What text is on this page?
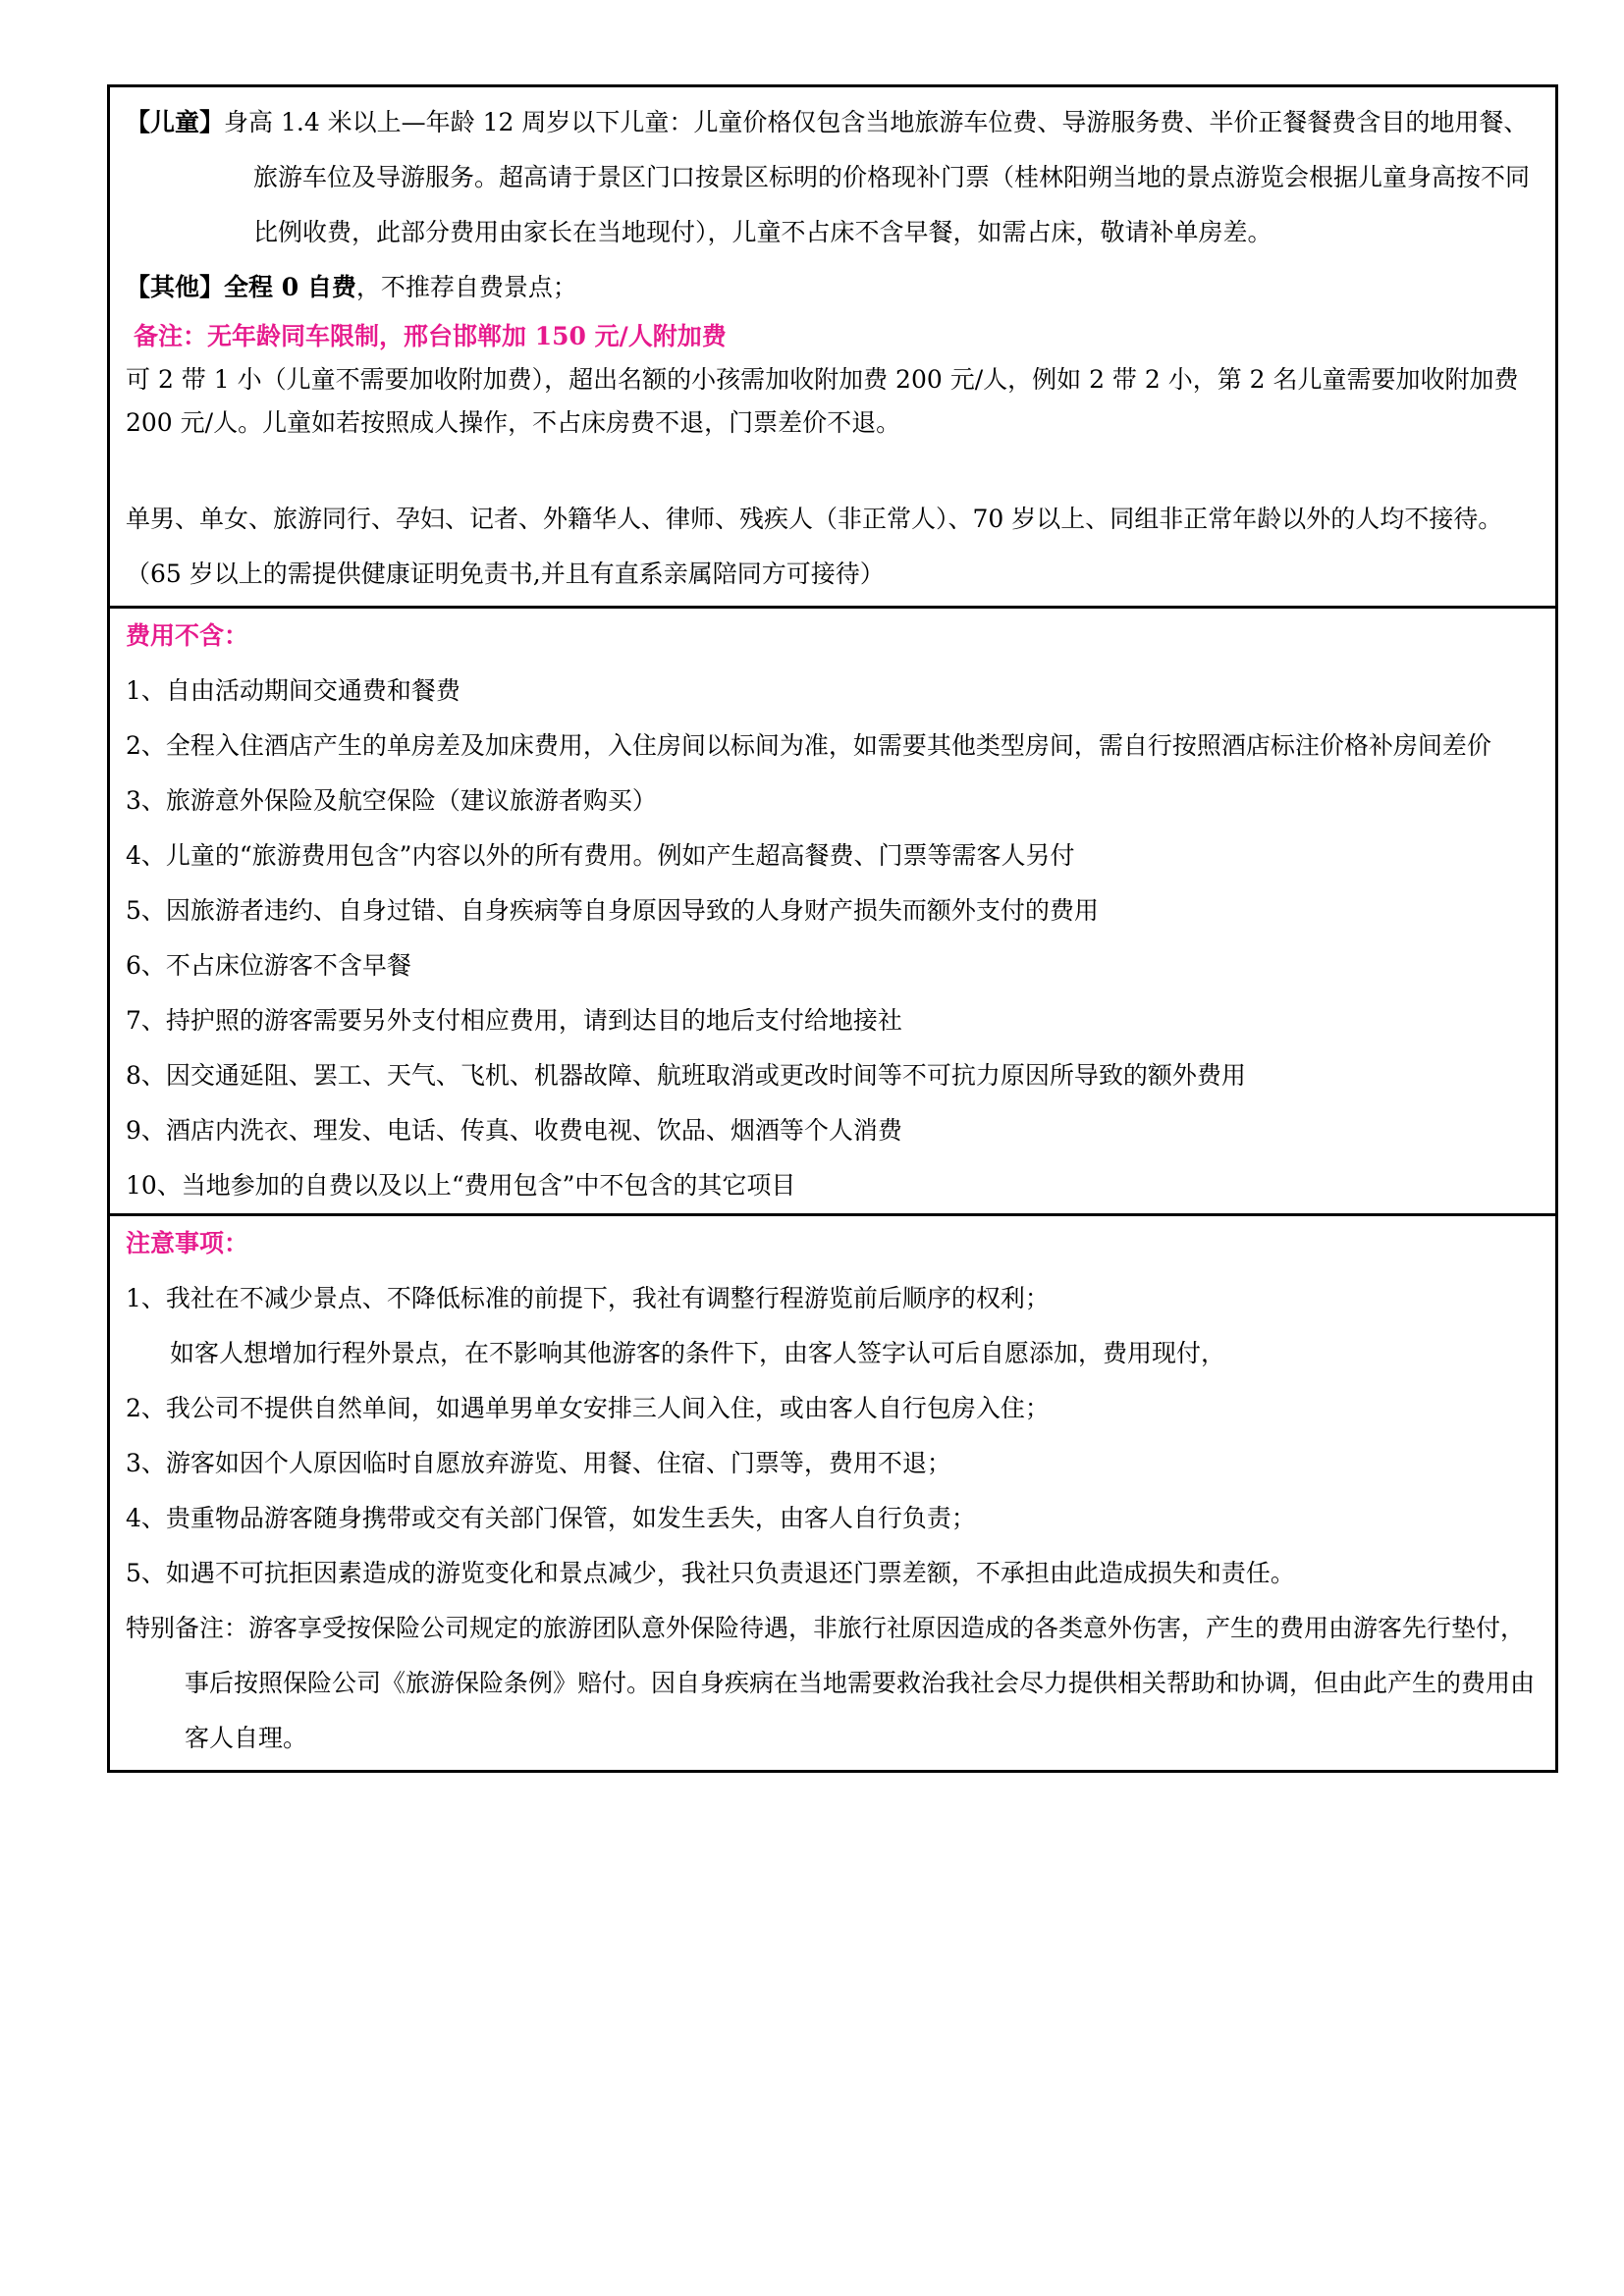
【儿童】身高 1.4 米以上—年龄 12 周岁以下儿童：儿童价格仅包含当地旅游车位费、导游服务费、半价正餐餐费含目的地用餐、旅游车位及导游服务。超高请于景区门口按景区标明的价格现补门票（桂林阳朔当地的景点游览会根据儿童身高按不同比例收费，此部分费用由家长在当地现付），儿童不占床不含早餐，如需占床，敬请补单房差。

【其他】全程 0 自费，不推荐自费景点；

备注：无年龄同车限制，邢台邯郸加 150 元/人附加费

可 2 带 1 小（儿童不需要加收附加费），超出名额的小孩需加收附加费 200 元/人，例如 2 带 2 小，第 2 名儿童需要加收附加费 200 元/人。儿童如若按照成人操作，不占床房费不退，门票差价不退。

单男、单女、旅游同行、孕妇、记者、外籍华人、律师、残疾人（非正常人）、70 岁以上、同组非正常年龄以外的人均不接待。（65 岁以上的需提供健康证明免责书,并且有直系亲属陪同方可接待）

费用不含：

1、自由活动期间交通费和餐费

2、全程入住酒店产生的单房差及加床费用，入住房间以标间为准，如需要其他类型房间，需自行按照酒店标注价格补房间差价

3、旅游意外保险及航空保险（建议旅游者购买）

4、儿童的“旅游费用包含”内容以外的所有费用。例如产生超高餐费、门票等需客人另付

5、因旅游者违约、自身过错、自身疾病等自身原因导致的人身财产损失而额外支付的费用

6、不占床位游客不含早餐

7、持护照的游客需要另外支付相应费用，请到达目的地后支付给地接社

8、因交通延阻、罢工、天气、飞机、机器故障、航班取消或更改时间等不可抗力原因所导致的额外费用

9、酒店内洗衣、理发、电话、传真、收费电视、饮品、烟酒等个人消费

10、当地参加的自费以及以上“费用包含”中不包含的其它项目

注意事项：

1、我社在不减少景点、不降低标准的前提下，我社有调整行程游览前后顺序的权利；

如客人想增加行程外景点，在不影响其他游客的条件下，由客人签字认可后自愿添加，费用现付，

2、我公司不提供自然单间，如遇单男单女安排三人间入住，或由客人自行包房入住；

3、游客如因个人原因临时自愿放弃游览、用餐、住宿、门票等，费用不退；

4、贵重物品游客随身携带或交有关部门保管，如发生丢失，由客人自行负责；

5、如遇不可抗拒因素造成的游览变化和景点减少，我社只负责退还门票差额，不承担由此造成损失和责任。

特别备注：游客享受按保险公司规定的旅游团队意外保险待遇，非旅行社原因造成的各类意外伤害，产生的费用由游客先行垫付，事后按照保险公司《旅游保险条例》赔付。因自身疾病在当地需要救治我社会尽力提供相关帮助和协调，但由此产生的费用由客人自理。
